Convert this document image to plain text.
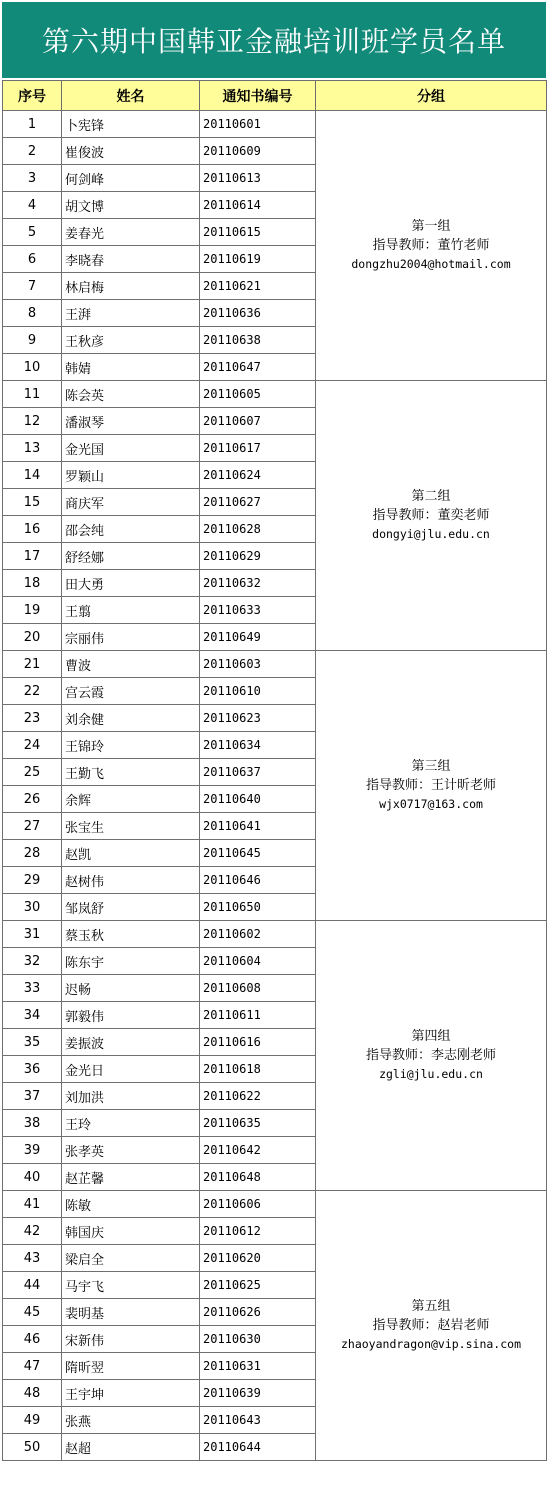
第六期中国韩亚金融培训班学员名单
序号	姓名	通知书编号	分组
1	卜宪锋	20110601	第一组
指导教师：董竹老师
dongzhu2004@hotmail.com

2	崔俊波	20110609	
3	何剑峰	20110613	
4	胡文博	20110614	
5	姜春光	20110615	
6	李晓春	20110619	
7	林启梅	20110621	
8	王湃	20110636	
9	王秋彦	20110638	
10	韩婧	20110647	
11	陈会英	20110605	第二组
指导教师：董奕老师
dongyi@jlu.edu.cn

12	潘淑琴	20110607	
13	金光国	20110617	
14	罗颖山	20110624	
15	商庆军	20110627	
16	邵会纯	20110628	
17	舒经娜	20110629	
18	田大勇	20110632	
19	王翦	20110633	
20	宗丽伟	20110649	
21	曹波	20110603	第三组
指导教师：王计昕老师
wjx0717@163.com

22	宫云霞	20110610	
23	刘余健	20110623	
24	王锦玲	20110634	
25	王勤飞	20110637	
26	余辉	20110640	
27	张宝生	20110641	
28	赵凯	20110645	
29	赵树伟	20110646	
30	邹岚舒	20110650	
31	蔡玉秋	20110602	第四组
指导教师：李志刚老师
zgli@jlu.edu.cn

32	陈东宇	20110604	
33	迟畅	20110608	
34	郭毅伟	20110611	
35	姜振波	20110616	
36	金光日	20110618	
37	刘加洪	20110622	
38	王玲	20110635	
39	张孝英	20110642	
40	赵芷馨	20110648	
41	陈敏	20110606	第五组
指导教师：赵岩老师
zhaoyandragon@vip.sina.com

42	韩国庆	20110612	
43	梁启全	20110620	
44	马宇飞	20110625	
45	裴明基	20110626	
46	宋新伟	20110630	
47	隋昕翌	20110631	
48	王宇坤	20110639	
49	张燕	20110643	
50	赵超	20110644	
